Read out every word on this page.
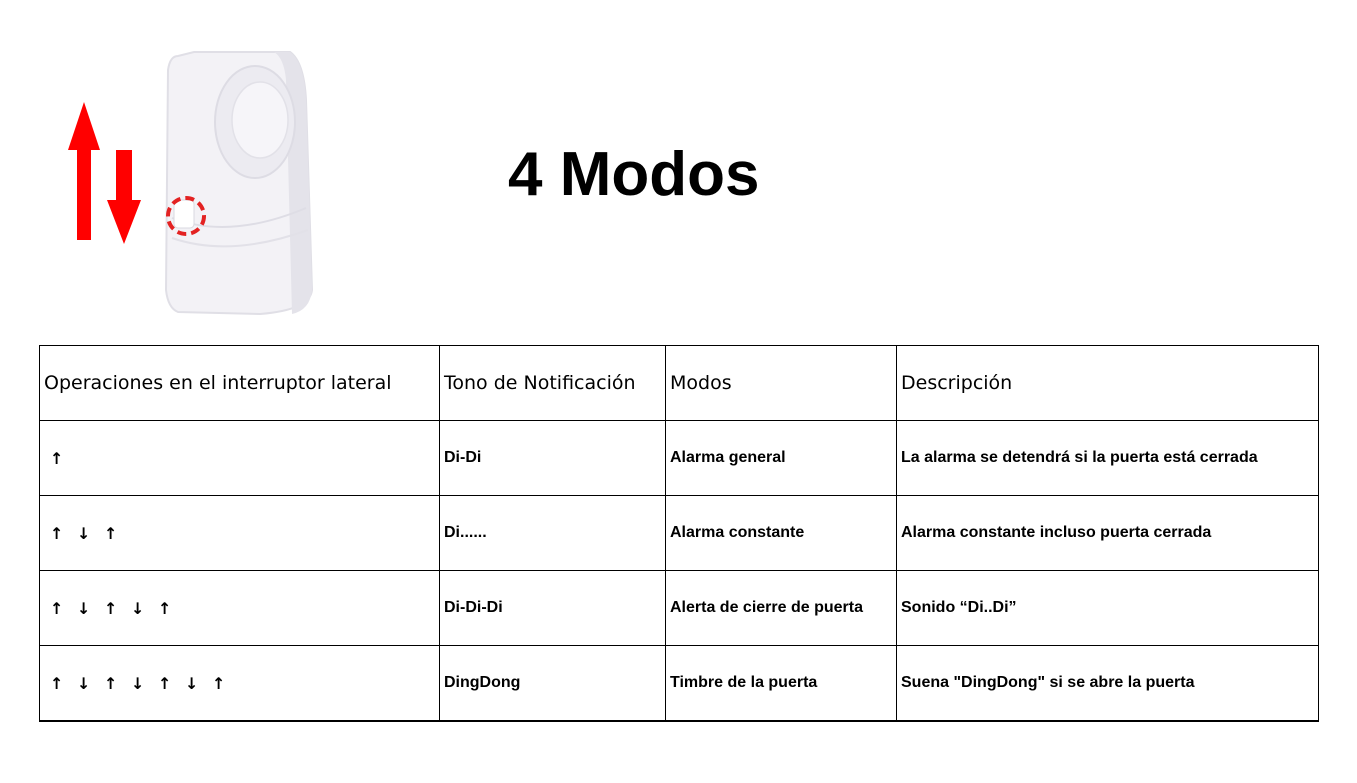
4 Modos
Operaciones en el interruptor lateral	Tono de Notificación	Modos	Descripción
↑	Di-Di	Alarma general	La alarma se detendrá si la puerta está cerrada
↑ ↓ ↑	Di......	Alarma constante	Alarma constante incluso puerta cerrada
↑ ↓ ↑ ↓ ↑	Di-Di-Di	Alerta de cierre de puerta	Sonido “Di..Di”
↑ ↓ ↑ ↓ ↑ ↓ ↑	DingDong	Timbre de la puerta	Suena "DingDong" si se abre la puerta
